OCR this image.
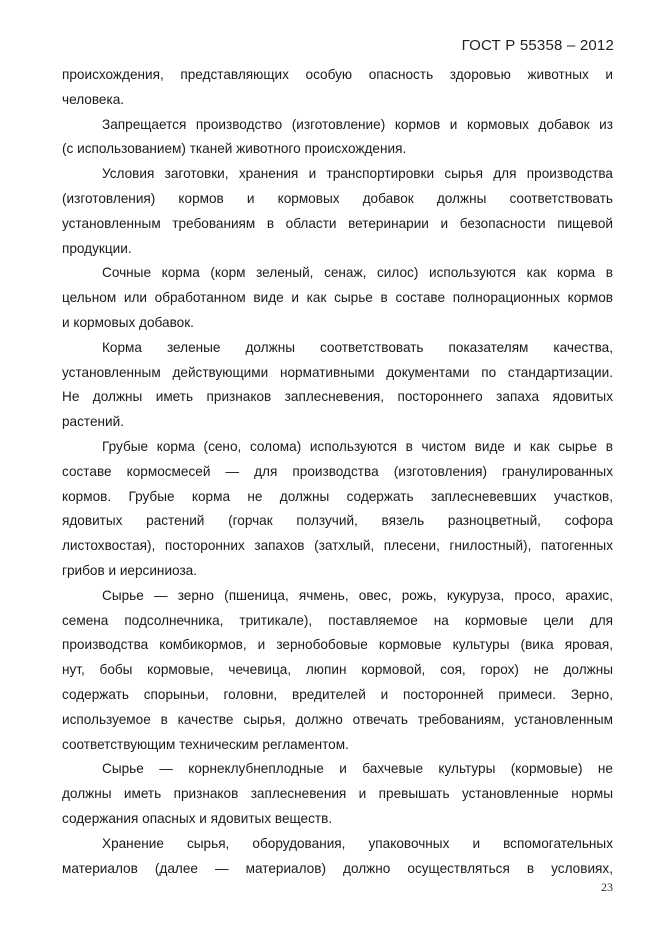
ГОСТ Р 55358 – 2012
происхождения, представляющих особую опасность здоровью животных и
человека.
Запрещается производство (изготовление) кормов и кормовых добавок из
(с использованием) тканей животного происхождения.
Условия заготовки, хранения и транспортировки сырья для производства
(изготовления) кормов и кормовых добавок должны соответствовать
установленным требованиям в области ветеринарии и безопасности пищевой
продукции.
Сочные корма (корм зеленый, сенаж, силос) используются как корма в
цельном или обработанном виде и как сырье в составе полнорационных кормов
и кормовых добавок.
Корма зеленые должны соответствовать показателям качества,
установленным действующими нормативными документами по стандартизации.
Не должны иметь признаков заплесневения, постороннего запаха ядовитых
растений.
Грубые корма (сено, солома) используются в чистом виде и как сырье в
составе кормосмесей — для производства (изготовления) гранулированных
кормов. Грубые корма не должны содержать заплесневевших участков,
ядовитых растений (горчак ползучий, вязель разноцветный, софора
листохвостая), посторонних запахов (затхлый, плесени, гнилостный), патогенных
грибов и иерсиниоза.
Сырье — зерно (пшеница, ячмень, овес, рожь, кукуруза, просо, арахис,
семена подсолнечника, тритикале), поставляемое на кормовые цели для
производства комбикормов, и зернобобовые кормовые культуры (вика яровая,
нут, бобы кормовые, чечевица, люпин кормовой, соя, горох) не должны
содержать спорыньи, головни, вредителей и посторонней примеси. Зерно,
используемое в качестве сырья, должно отвечать требованиям, установленным
соответствующим техническим регламентом.
Сырье — корнеклубнеплодные и бахчевые культуры (кормовые) не
должны иметь признаков заплесневения и превышать установленные нормы
содержания опасных и ядовитых веществ.
Хранение сырья, оборудования, упаковочных и вспомогательных
материалов (далее — материалов) должно осуществляться в условиях,
23
